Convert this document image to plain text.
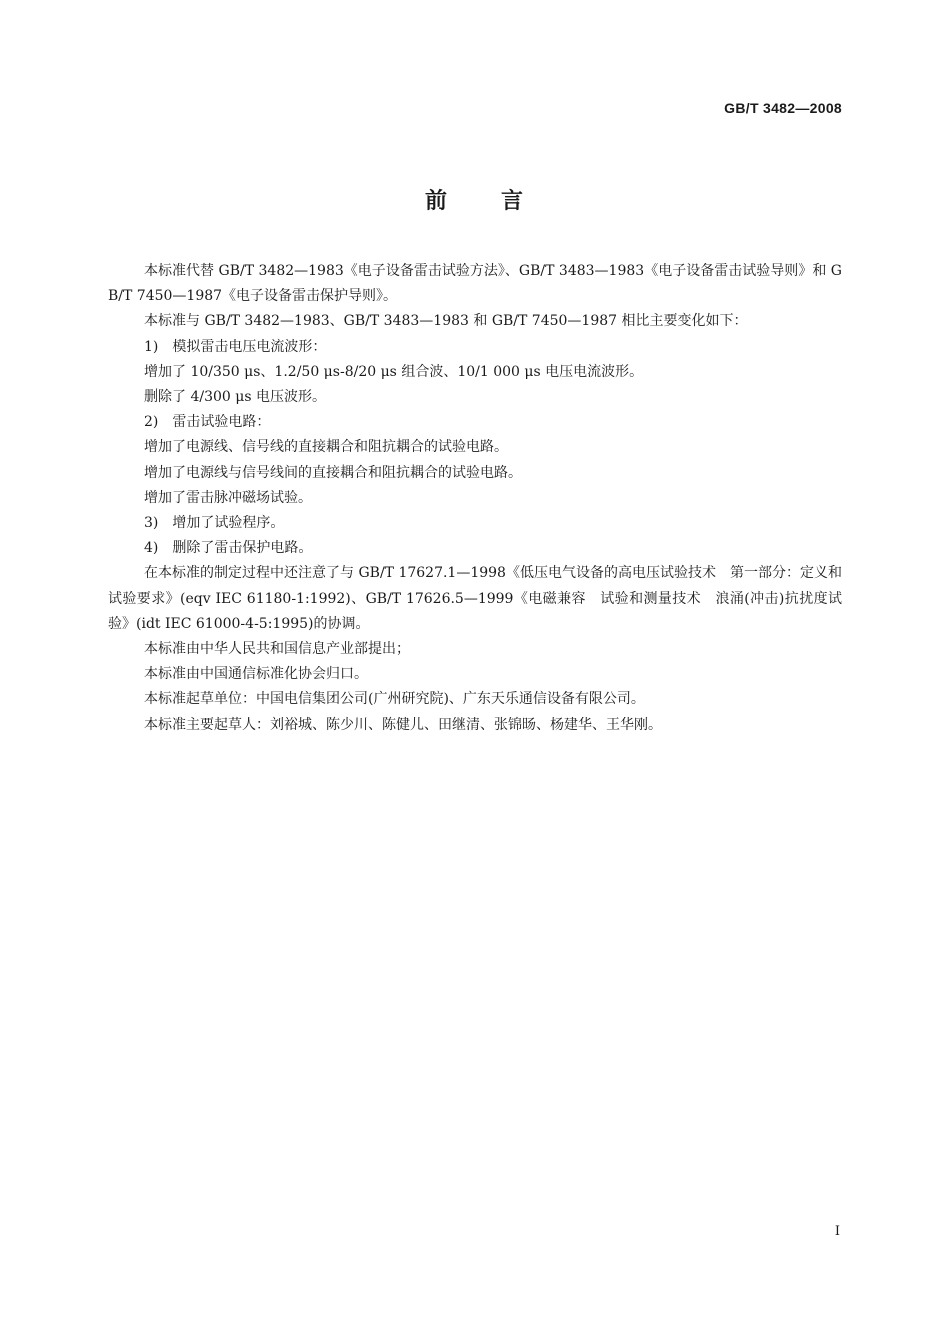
GB/T 3482—2008
前 言

本标准代替 GB/T 3482—1983《电子设备雷击试验方法》、GB/T 3483—1983《电子设备雷击试验导则》和 GB/T 7450—1987《电子设备雷击保护导则》。

本标准与 GB/T 3482—1983、GB/T 3483—1983 和 GB/T 7450—1987 相比主要变化如下：

1)　模拟雷击电压电流波形：

增加了 10/350 μs、1.2/50 μs-8/20 μs 组合波、10/1 000 μs 电压电流波形。

删除了 4/300 μs 电压波形。

2)　雷击试验电路：

增加了电源线、信号线的直接耦合和阻抗耦合的试验电路。

增加了电源线与信号线间的直接耦合和阻抗耦合的试验电路。

增加了雷击脉冲磁场试验。

3)　增加了试验程序。

4)　删除了雷击保护电路。

在本标准的制定过程中还注意了与 GB/T 17627.1—1998《低压电气设备的高电压试验技术　第一部分：定义和试验要求》(eqv IEC 61180-1:1992)、GB/T 17626.5—1999《电磁兼容　试验和测量技术　浪涌(冲击)抗扰度试验》(idt IEC 61000-4-5:1995)的协调。

本标准由中华人民共和国信息产业部提出；

本标准由中国通信标准化协会归口。

本标准起草单位：中国电信集团公司(广州研究院)、广东天乐通信设备有限公司。

本标准主要起草人：刘裕城、陈少川、陈健儿、田继清、张锦旸、杨建华、王华刚。

I
